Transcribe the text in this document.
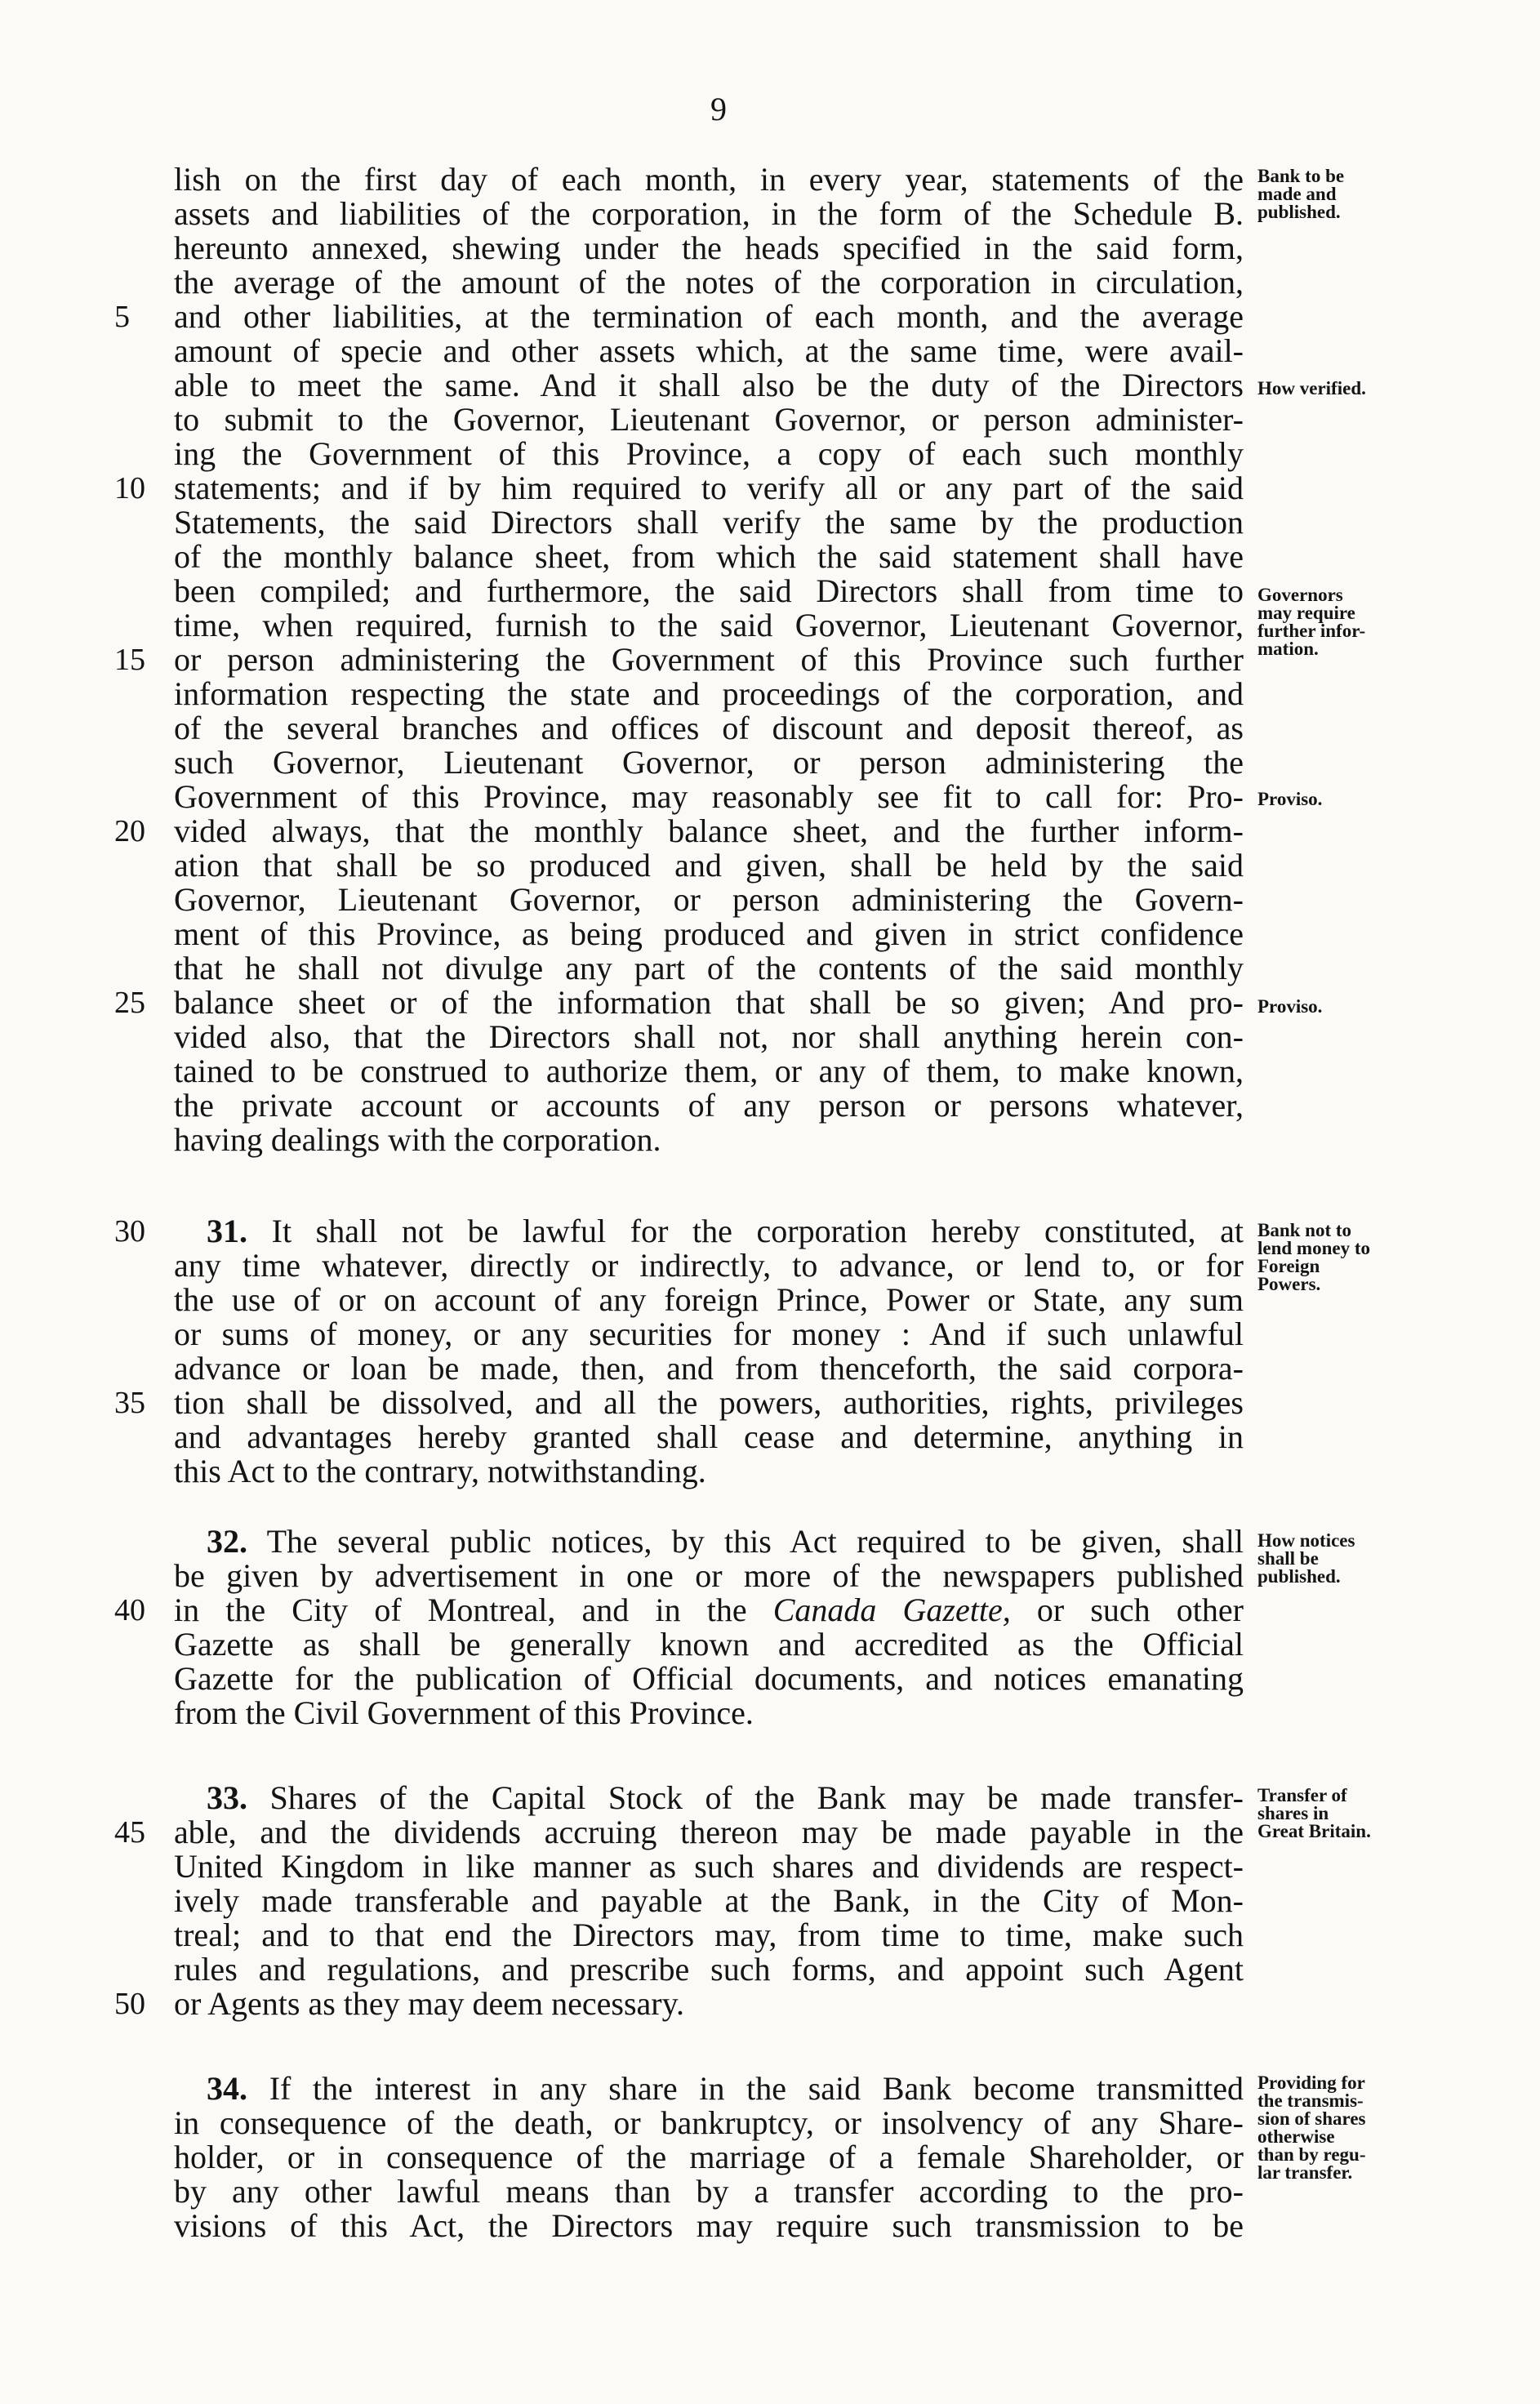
9
lish on the first day of each month, in every year, statements of the
assets and liabilities of the corporation, in the form of the Schedule B.
hereunto annexed, shewing under the heads specified in the said form,
the average of the amount of the notes of the corporation in circulation,
5	and other liabilities, at the termination of each month, and the average
amount of specie and other assets which, at the same time, were avail-
able to meet the same. And it shall also be the duty of the Directors
to submit to the Governor, Lieutenant Governor, or person administer-
ing the Government of this Province, a copy of each such monthly
10 statements; and if by him required to verify all or any part of the said
Statements, the said Directors shall verify the same by the production
of the monthly balance sheet, from which the said statement shall have
been compiled; and furthermore, the said Directors shall from time to
time, when required, furnish to the said Governor, Lieutenant Governor,
15 or person administering the Government of this Province such further
information respecting the state and proceedings of the corporation, and
of the several branches and offices of discount and deposit thereof, as
such Governor, Lieutenant Governor, or person administering the
Government of this Province, may reasonably see fit to call for: Pro-
20 vided always, that the monthly balance sheet, and the further inform-
ation that shall be so produced and given, shall be held by the said
Governor, Lieutenant Governor, or person administering the Govern-
ment of this Province, as being produced and given in strict confidence
that he shall not divulge any part of the contents of the said monthly
25 balance sheet or of the information that shall be so given; And pro-
vided also, that the Directors shall not, nor shall anything herein con-
tained to be construed to authorize them, or any of them, to make known,
the private account or accounts of any person or persons whatever,
having dealings with the corporation.
30	31. It shall not be lawful for the corporation hereby constituted, at
any time whatever, directly or indirectly, to advance, or lend to, or for
the use of or on account of any foreign Prince, Power or State, any sum
or sums of money, or any securities for money : And if such unlawful
advance or loan be made, then, and from thenceforth, the said corpora-
35 tion shall be dissolved, and all the powers, authorities, rights, privileges
and advantages hereby granted shall cease and determine, anything in
this Act to the contrary, notwithstanding.
32. The several public notices, by this Act required to be given, shall
be given by advertisement in one or more of the newspapers published
40 in the City of Montreal, and in the Canada Gazette, or such other
Gazette as shall be generally known and accredited as the Official
Gazette for the publication of Official documents, and notices emanating
from the Civil Government of this Province.
33. Shares of the Capital Stock of the Bank may be made transfer-
45 able, and the dividends accruing thereon may be made payable in the
United Kingdom in like manner as such shares and dividends are respect-
ively made transferable and payable at the Bank, in the City of Mon-
treal; and to that end the Directors may, from time to time, make such
rules and regulations, and prescribe such forms, and appoint such Agent
50 or Agents as they may deem necessary.
34. If the interest in any share in the said Bank become transmitted
in consequence of the death, or bankruptcy, or insolvency of any Share-
holder, or in consequence of the marriage of a female Shareholder, or
by any other lawful means than by a transfer according to the pro-
visions of this Act, the Directors may require such transmission to be
Bank to be
made and
published.
How verified.
Governors
may require
further infor-
mation.
Proviso.
Proviso.
Bank not to
lend money to
Foreign
Powers.
How notices
shall be
published.
Transfer of
shares in
Great Britain.
Providing for
the transmis-
sion of shares
otherwise
than by regu-
lar transfer.
